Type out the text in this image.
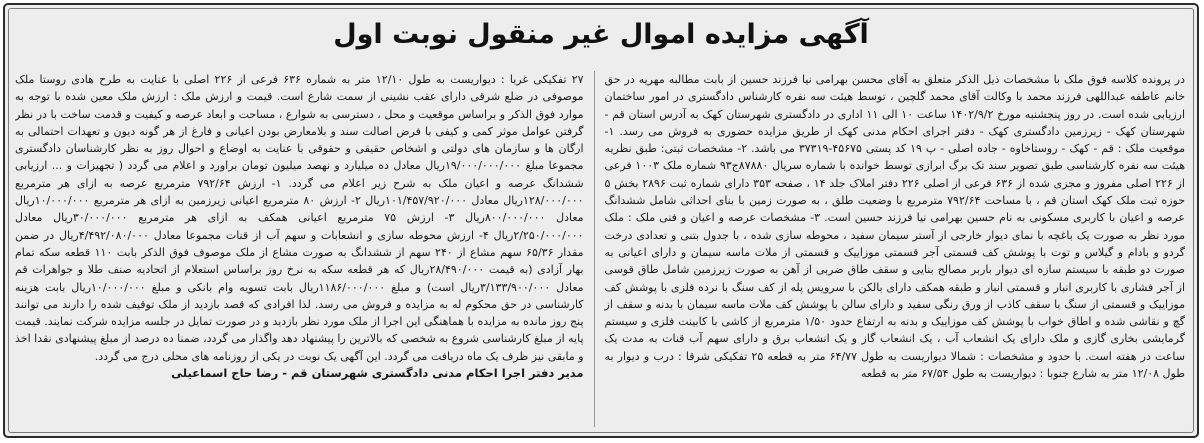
آگهی مزایده اموال غیر منقول نوبت اول

در پرونده کلاسه فوق ملک با مشخصات ذیل الذکر متعلق به آقای محسن بهرامی نیا فرزند حسین از بابت مطالبه مهریه در حق خانم عاطفه عبداللهی فرزند محمد با وکالت آقای محمد گلچین ، توسط هیئت سه نفره کارشناس دادگستری در امور ساختمان ارزیابی شده است. در روز پنجشنبه مورخ ۱۴۰۲/۹/۲ ساعت ۱۰ الی ۱۱ اداری در دادگستری شهرستان کهک به آدرس استان قم - شهرستان کهک - زیرزمین دادگستری کهک - دفتر اجرای احکام مدنی کهک از طریق مزایده حضوری به فروش می رسد. ۱- موقعیت ملک : قم - کهک - روستاخاوه - جاده اصلی - پ ۱۹ کد پستی ۴۵۶۷۵-۳۷۳۱۹ می باشد. ۲- مشخصات ثبتی: طبق نظریه هیئت سه نفره کارشناسی طبق تصویر سند تک برگ ابرازی توسط خوانده با شماره سریال ۸۷۸۸۰ج۹۳ شماره ملک ۱۰۰۳ فرعی از ۲۲۶ اصلی مفروز و مجزی شده از ۶۳۶ فرعی از اصلی ۲۲۶ دفتر املاک جلد ۱۴ ، صفحه ۳۵۳ دارای شماره ثبت ۲۸۹۶ بخش ۵ حوزه ثبت ملک کهک استان قم ، با مساحت ۷۹۲/۶۴ مترمربع با وضعیت طلق ، به صورت زمین با بنای احداثی شامل ششدانگ عرصه و اعیان با کاربری مسکونی به نام حسین بهرامی نیا فرزند حسین است. ۳- مشخصات عرصه و اعیان و فنی ملک : ملک مورد نظر به صورت یک باغچه با نمای دیوار خارجی از آستر سیمان سفید ، محوطه سازی شده ، با جدول بتنی و تعدادی درخت گردو و بادام و گیلاس و توت با پوشش کف قسمتی آجر قسمتی موزاییک و قسمتی از ملات ماسه سیمان و دارای اعیانی به صورت دو طبقه با سیستم سازه ای دیوار باربر مصالح بنایی و سقف طاق ضربی از آهن به صورت زیرزمین شامل طاق قوسی از آجر فشاری با کاربری انبار و قسمتی انبار و طبقه همکف دارای بالکن با سرویس پله از کف سنگ با نرده فلزی با پوشش کف موزاییک و قسمتی از سنگ با سقف کاذب از ورق رنگی سفید و دارای سالن با پوشش کف ملات ماسه سیمان با بدنه و سقف از گچ و نقاشی شده و اطاق خواب با پوشش کف موزاییک و بدنه به ارتفاع حدود ۱/۵۰ مترمربع از کاشی با کابینت فلزی و سیستم گرمایشی بخاری گازی و ملک دارای یک انشعاب آب ، یک انشعاب گاز و یک انشعاب برق و دارای سهم آب قنات به مدت یک ساعت در هفته است. با حدود و مشخصات : شمالا دیواریست به طول ۶۴/۷۷ متر به قطعه ۲۵ تفکیکی شرقا : درب و دیوار به طول ۱۲/۰۸ متر به شارع جنوبا : دیواریست به طول ۶۷/۵۴ متر به قطعه

۲۷ تفکیکی غربا : دیواریست به طول ۱۲/۱۰ متر به شماره ۶۳۶ فرعی از ۲۲۶ اصلی با عنایت به طرح هادی روستا ملک موصوفی در ضلع شرقی دارای عقب نشینی از سمت شارع است. قیمت و ارزش ملک : ارزش ملک معین شده با توجه به موارد فوق الذکر و براساس موقعیت و محل ، دسترسی به شوارع ، مساحت و ابعاد عرصه و کیفیت و قدمت ساخت با در نظر گرفتن عوامل موثر کمی و کیفی با فرض اصالت سند و بلامعارض بودن اعیانی و فارغ از هر گونه دیون و تعهدات احتمالی به ارگان ها و سازمان های دولتی و اشخاص حقیقی و حقوقی با عنایت به اوضاع و احوال روز به نظر کارشناسان دادگستری مجموعا مبلغ ۱۹/۰۰۰/۰۰۰/۰۰۰ریال معادل ده میلیارد و نهصد میلیون تومان براورد و اعلام می گردد ( تجهیزات و ... ارزیابی ششدانگ عرصه و اعیان ملک به شرح زیر اعلام می گردد. ۱- ارزش ۷۹۲/۶۴ مترمربع عرصه به ازای هر مترمربع ۱۲۸/۰۰۰/۰۰۰ریال معادل ۱۰۱/۴۵۷/۹۲۰/۰۰۰ریال ۲- ارزش ۸۰ مترمربع اعیانی زیرزمین به ازای هر مترمربع ۱۰/۰۰۰/۰۰۰ریال معادل ۸۰۰/۰۰۰/۰۰۰ریال ۳- ارزش ۷۵ مترمربع اعیانی همکف به ازای هر مترمربع ۳۰/۰۰۰/۰۰۰ریال معادل ۲/۲۵۰/۰۰۰/۰۰۰ریال ۴- ارزش محوطه سازی و انشعابات و سهم آب از قنات مجموعا معادل ۴/۴۹۲/۰۸۰/۰۰۰ریال در ضمن مقدار ۶۵/۳۶ سهم مشاع از ۲۴۰ سهم از ششدانگ به صورت مشاع از ملک موصوف فوق الذکر بابت ۱۱۰ قطعه سکه تمام بهار آزادی (به قیمت ۲۸/۴۹۰/۰۰۰ریال که هر قطعه سکه به نرخ روز براساس استعلام از اتحادیه صنف طلا و جواهرات قم معادل ۳/۱۳۳/۹۰۰/۰۰۰ریال است) و مبلغ ۱۱۸۶/۰۰۰/۰۰۰ریال بابت تسویه وام بانکی و مبلغ ۱۰/۰۰۰/۰۰۰ریال بابت هزینه کارشناسی در حق محکوم له به مزایده و فروش می رسد. لذا افرادی که قصد بازدید از ملک توقیف شده را دارند می توانند پنج روز مانده به مزایده با هماهنگی این اجرا از ملک مورد نظر بازدید و در صورت تمایل در جلسه مزایده شرکت نمایند. قیمت پایه از مبلغ کارشناسی شروع به شخصی که بالاترین را پیشنهاد دهد واگذار می گردد، ضمنا ده درصد از مبلغ پیشنهادی نقدا اخذ و مابقی نیز ظرف یک ماه دریافت می گردد. این آگهی یک نوبت در یکی از روزنامه های محلی درج می گردد.

مدیر دفتر اجرا احکام مدنی دادگستری شهرستان قم - رضا حاج اسماعیلی
